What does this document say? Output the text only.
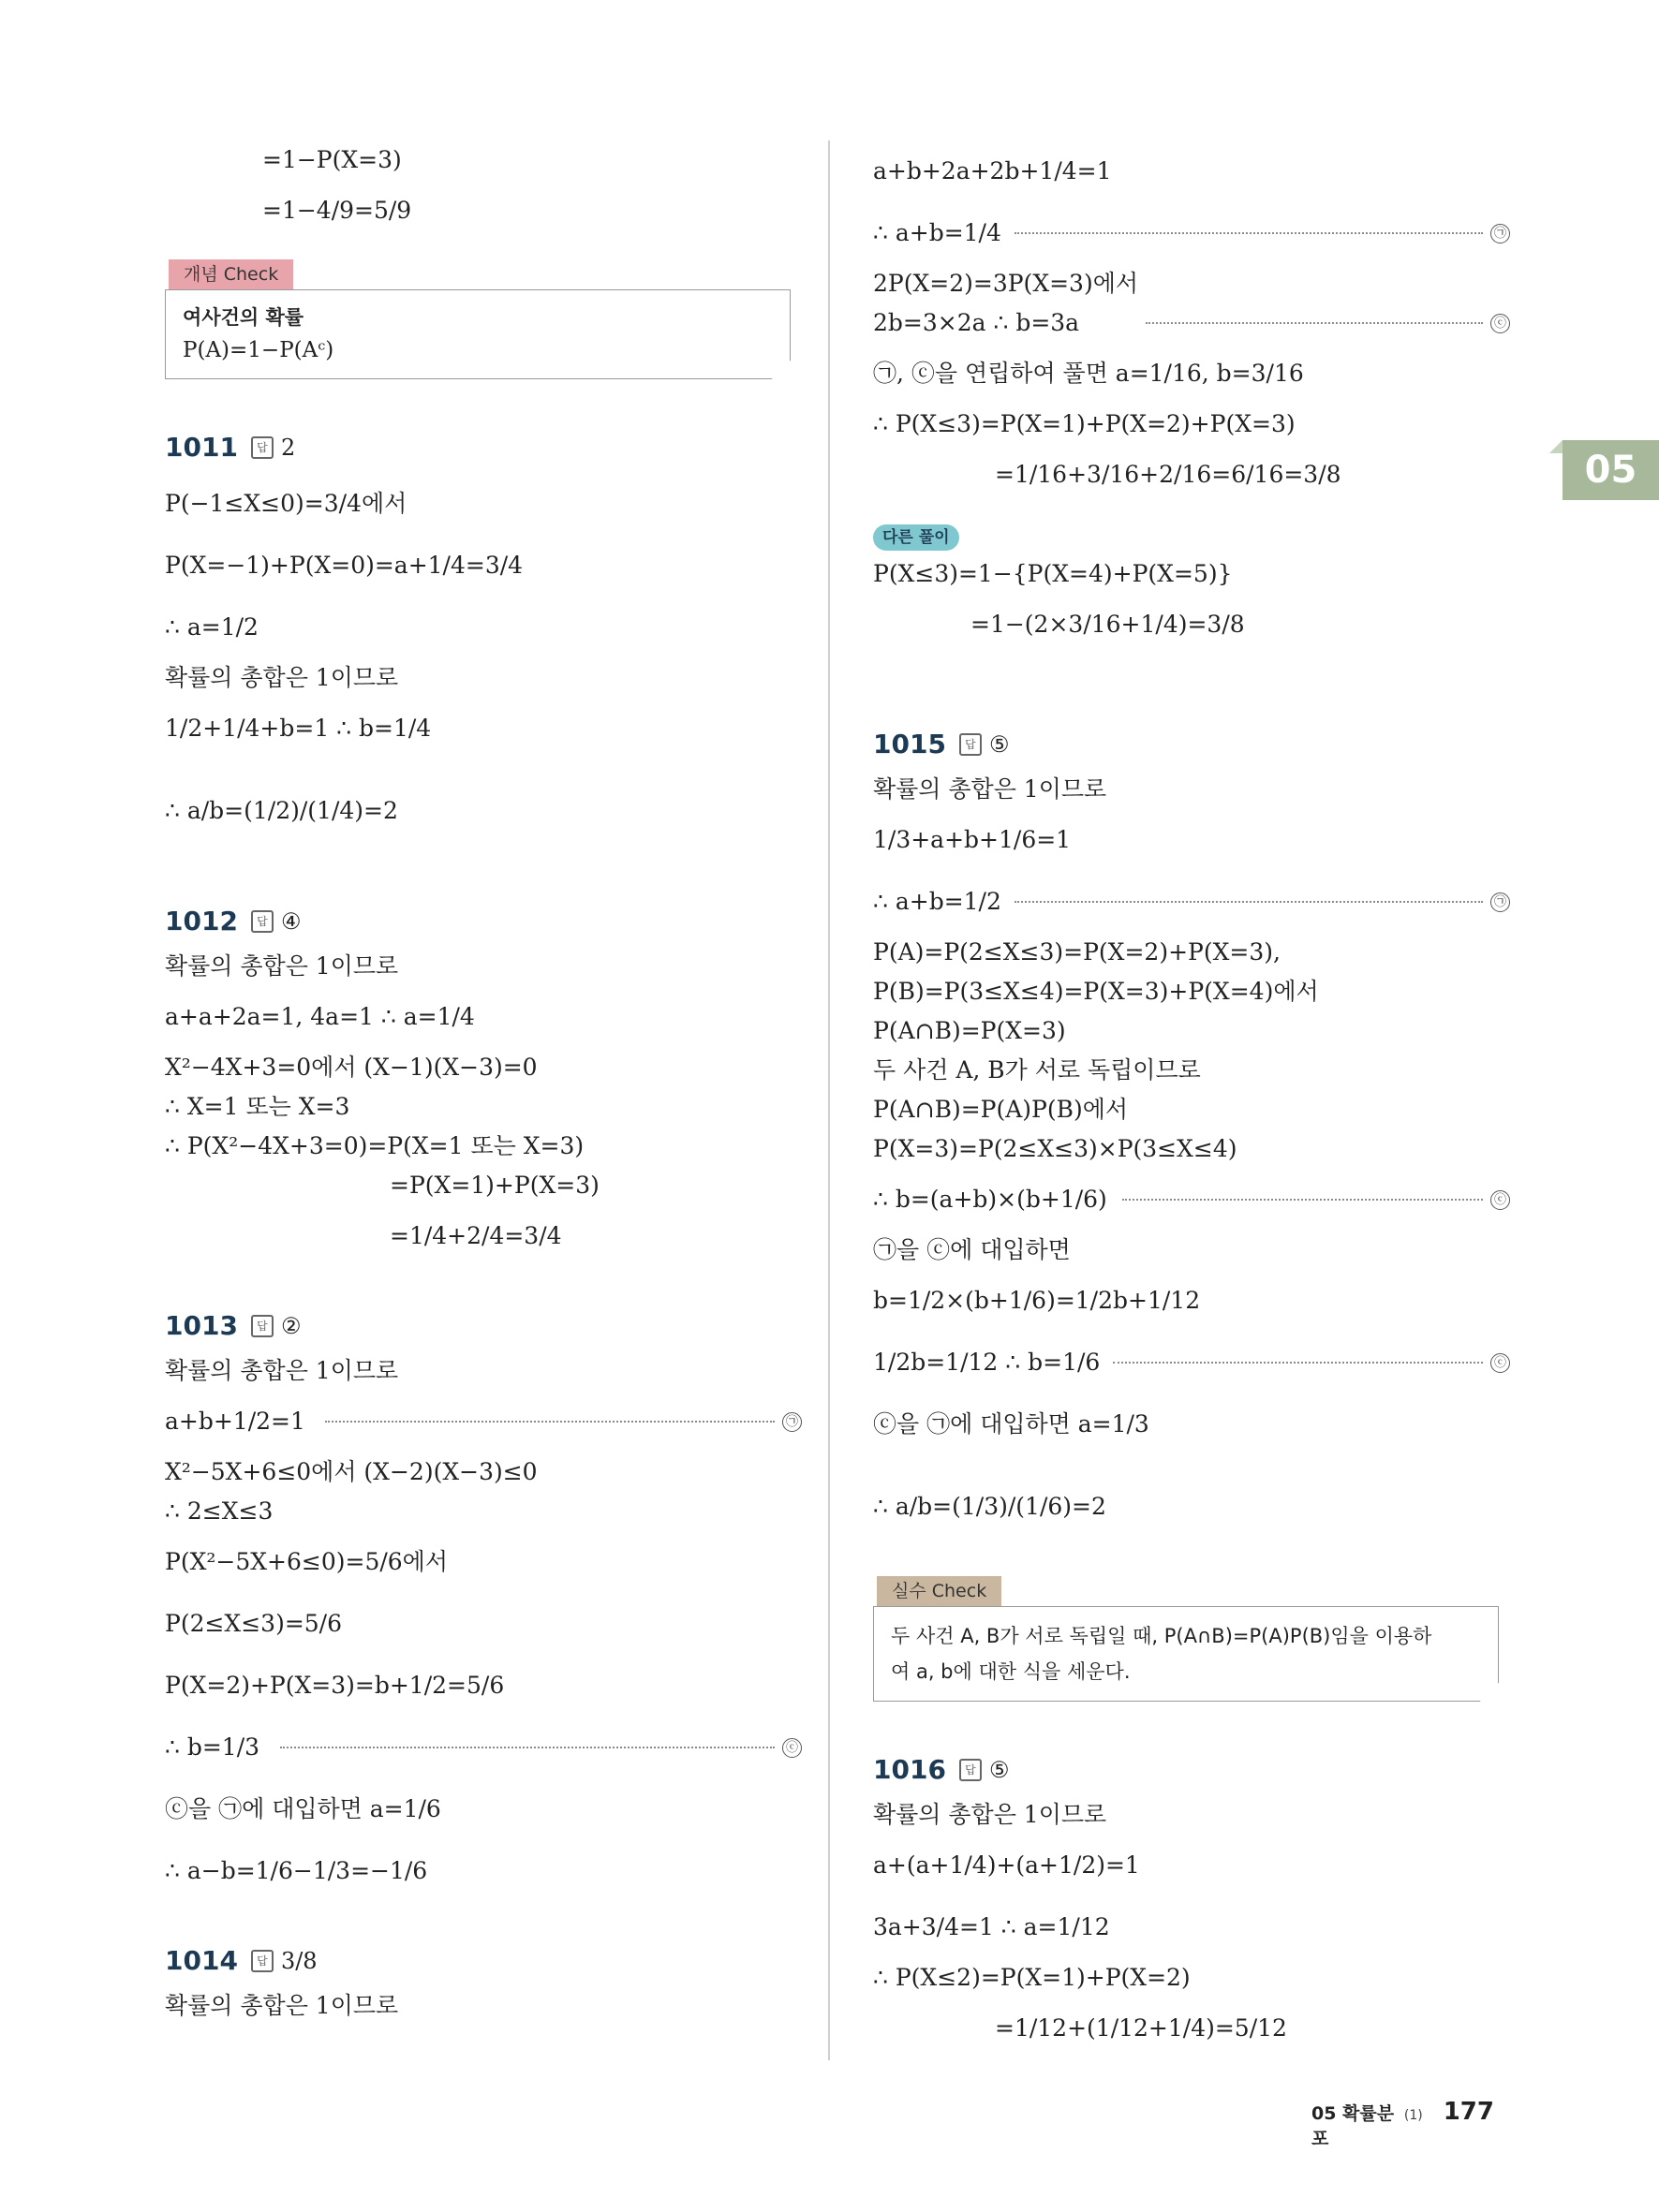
=1−P(X=3)
=1−4/9=5/9
개념 Check
여사건의 확률
P(A)=1−P(Aᶜ)
1011	답 2
P(−1≤X≤0)=3/4에서
P(X=−1)+P(X=0)=a+1/4=3/4
∴ a=1/2
확률의 총합은 1이므로
1/2+1/4+b=1 ∴ b=1/4
∴ a/b=(1/2)/(1/4)=2
1012	답 ④
확률의 총합은 1이므로
a+a+2a=1, 4a=1 ∴ a=1/4
X²−4X+3=0에서 (X−1)(X−3)=0
∴ X=1 또는 X=3
∴ P(X²−4X+3=0)=P(X=1 또는 X=3)
=P(X=1)+P(X=3)
=1/4+2/4=3/4
1013	답 ②
확률의 총합은 1이므로
a+b+1/2=1	㉠
X²−5X+6≤0에서 (X−2)(X−3)≤0
∴ 2≤X≤3
P(X²−5X+6≤0)=5/6에서
P(2≤X≤3)=5/6
P(X=2)+P(X=3)=b+1/2=5/6
∴ b=1/3	ⓒ
ⓒ을 ㉠에 대입하면 a=1/6
∴ a−b=1/6−1/3=−1/6
1014	답 3/8
확률의 총합은 1이므로
a+b+2a+2b+1/4=1
∴ a+b=1/4	㉠
2P(X=2)=3P(X=3)에서
2b=3×2a ∴ b=3a	ⓒ
㉠, ⓒ을 연립하여 풀면 a=1/16, b=3/16
∴ P(X≤3)=P(X=1)+P(X=2)+P(X=3)
=1/16+3/16+2/16=6/16=3/8
다른 풀이
P(X≤3)=1−{P(X=4)+P(X=5)}
=1−(2×3/16+1/4)=3/8
1015	답 ⑤
확률의 총합은 1이므로
1/3+a+b+1/6=1
∴ a+b=1/2	㉠
P(A)=P(2≤X≤3)=P(X=2)+P(X=3),
P(B)=P(3≤X≤4)=P(X=3)+P(X=4)에서
P(A∩B)=P(X=3)
두 사건 A, B가 서로 독립이므로
P(A∩B)=P(A)P(B)에서
P(X=3)=P(2≤X≤3)×P(3≤X≤4)
∴ b=(a+b)×(b+1/6)	ⓒ
㉠을 ⓒ에 대입하면
b=1/2×(b+1/6)=1/2b+1/12
1/2b=1/12 ∴ b=1/6	ⓒ
ⓒ을 ㉠에 대입하면 a=1/3
∴ a/b=(1/3)/(1/6)=2
실수 Check
두 사건 A, B가 서로 독립일 때, P(A∩B)=P(A)P(B)임을 이용하
여 a, b에 대한 식을 세운다.
1016	답 ⑤
확률의 총합은 1이므로
a+(a+1/4)+(a+1/2)=1
3a+3/4=1 ∴ a=1/12
∴ P(X≤2)=P(X=1)+P(X=2)
=1/12+(1/12+1/4)=5/12
05
05 확률분포
(1) 177
